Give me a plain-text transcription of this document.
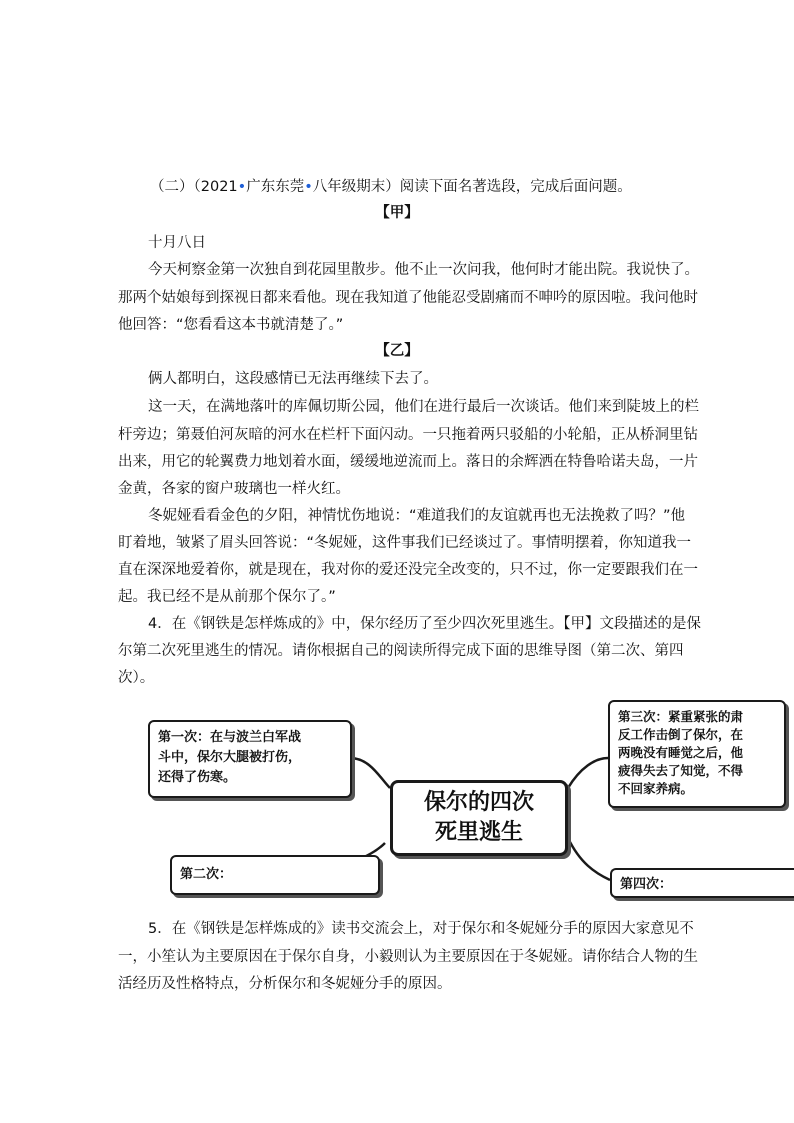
（二）（2021•广东东莞•八年级期末）阅读下面名著选段，完成后面问题。
【甲】
十月八日
今天柯察金第一次独自到花园里散步。他不止一次问我，他何时才能出院。我说快了。
那两个姑娘每到探视日都来看他。现在我知道了他能忍受剧痛而不呻吟的原因啦。我问他时
他回答：“您看看这本书就清楚了。”
【乙】
俩人都明白，这段感情已无法再继续下去了。
这一天，在满地落叶的库佩切斯公园，他们在进行最后一次谈话。他们来到陡坡上的栏
杆旁边；第聂伯河灰暗的河水在栏杆下面闪动。一只拖着两只驳船的小轮船，正从桥洞里钻
出来，用它的轮翼费力地划着水面，缓缓地逆流而上。落日的余辉洒在特鲁哈诺夫岛，一片
金黄，各家的窗户玻璃也一样火红。
冬妮娅看看金色的夕阳，神情忧伤地说：“难道我们的友谊就再也无法挽救了吗？”他
盯着地，皱紧了眉头回答说：“冬妮娅，这件事我们已经谈过了。事情明摆着，你知道我一
直在深深地爱着你，就是现在，我对你的爱还没完全改变的，只不过，你一定要跟我们在一
起。我已经不是从前那个保尔了。”
4．在《钢铁是怎样炼成的》中，保尔经历了至少四次死里逃生。【甲】文段描述的是保
尔第二次死里逃生的情况。请你根据自己的阅读所得完成下面的思维导图（第二次、第四
次）。
第一次：在与波兰白军战
斗中，保尔大腿被打伤，
还得了伤寒。
保尔的四次
死里逃生
第二次：
第三次：紧重紧张的肃
反工作击倒了保尔，在
两晚没有睡觉之后，他
疲得失去了知觉，不得
不回家养病。
第四次：
5．在《钢铁是怎样炼成的》读书交流会上，对于保尔和冬妮娅分手的原因大家意见不
一，小笙认为主要原因在于保尔自身，小毅则认为主要原因在于冬妮娅。请你结合人物的生
活经历及性格特点，分析保尔和冬妮娅分手的原因。
